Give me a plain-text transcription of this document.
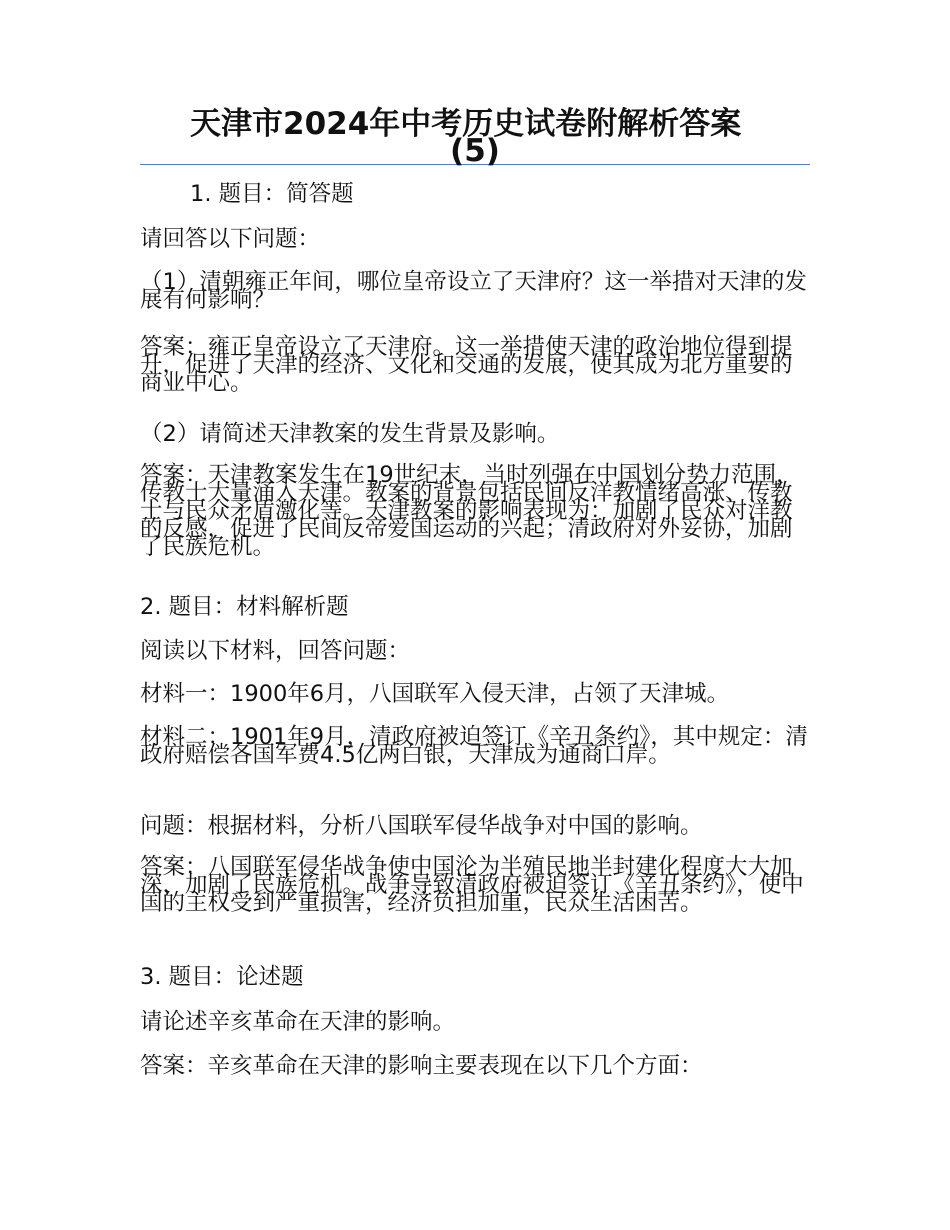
天津市2024年中考历史试卷附解析答案
(5)
1. 题目：简答题
请回答以下问题：
（1）清朝雍正年间，哪位皇帝设立了天津府？这一举措对天津的发展有何影响？
答案：雍正皇帝设立了天津府。这一举措使天津的政治地位得到提升，促进了天津的经济、文化和交通的发展，使其成为北方重要的商业中心。
（2）请简述天津教案的发生背景及影响。
答案：天津教案发生在19世纪末，当时列强在中国划分势力范围，传教士大量涌入天津。教案的背景包括民间反洋教情绪高涨、传教士与民众矛盾激化等。天津教案的影响表现为：加剧了民众对洋教的反感，促进了民间反帝爱国运动的兴起；清政府对外妥协，加剧了民族危机。
2. 题目：材料解析题
阅读以下材料，回答问题：
材料一：1900年6月，八国联军入侵天津，占领了天津城。
材料二：1901年9月，清政府被迫签订《辛丑条约》，其中规定：清政府赔偿各国军费4.5亿两白银，天津成为通商口岸。
问题：根据材料，分析八国联军侵华战争对中国的影响。
答案：八国联军侵华战争使中国沦为半殖民地半封建化程度大大加深，加剧了民族危机。战争导致清政府被迫签订《辛丑条约》，使中国的主权受到严重损害，经济负担加重，民众生活困苦。
3. 题目：论述题
请论述辛亥革命在天津的影响。
答案：辛亥革命在天津的影响主要表现在以下几个方面：
